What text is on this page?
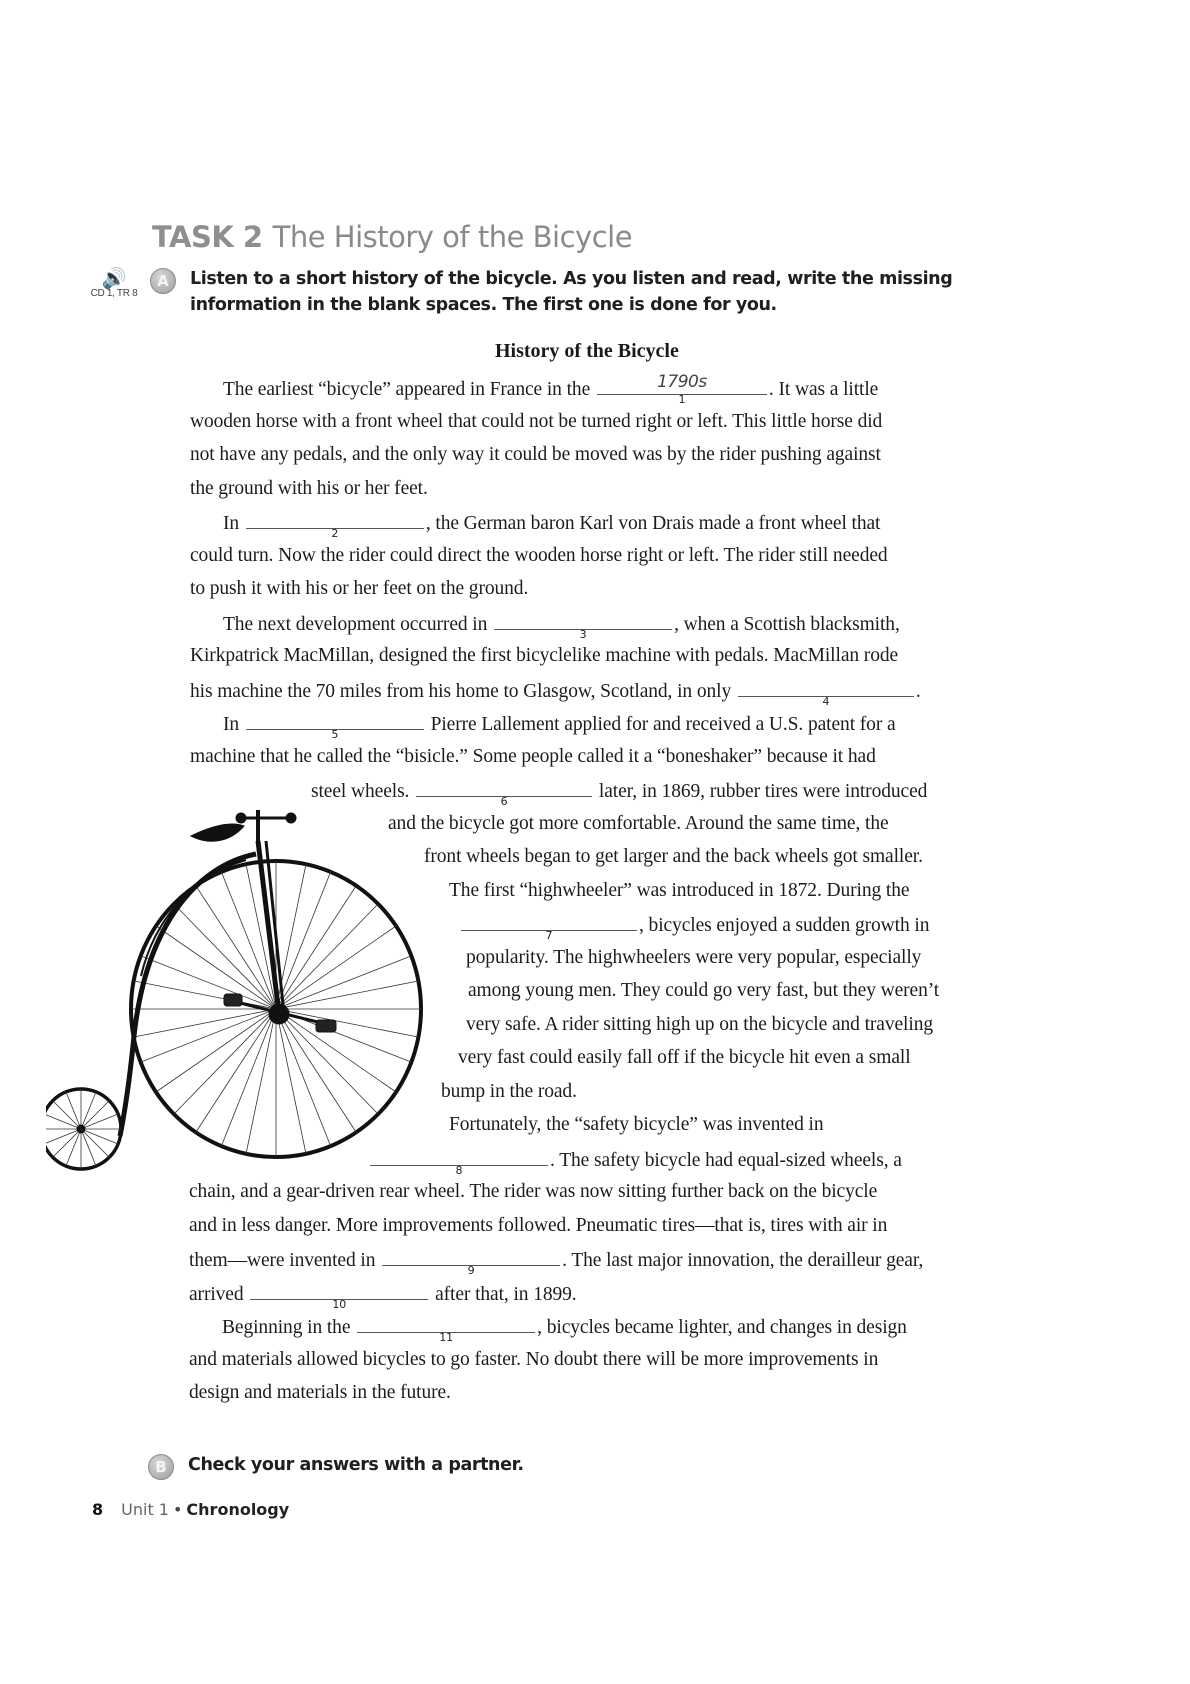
TASK 2 The History of the Bicycle
🔊
CD 1, TR 8
A	Listen to a short history of the bicycle. As you listen and read, write the missing
information in the blank spaces. The first one is done for you.
History of the Bicycle
The earliest “bicycle” appeared in France in the	1790s
1	. It was a little
wooden horse with a front wheel that could not be turned right or left. This little horse did
not have any pedals, and the only way it could be moved was by the rider pushing against
the ground with his or her feet.
In	2	, the German baron Karl von Drais made a front wheel that
could turn. Now the rider could direct the wooden horse right or left. The rider still needed
to push it with his or her feet on the ground.
The next development occurred in	3	, when a Scottish blacksmith,
Kirkpatrick MacMillan, designed the first bicyclelike machine with pedals. MacMillan rode
his machine the 70 miles from his home to Glasgow, Scotland, in only	4	.
In	5	Pierre Lallement applied for and received a U.S. patent for a
machine that he called the “bisicle.” Some people called it a “boneshaker” because it had
steel wheels.	6	later, in 1869, rubber tires were introduced
and the bicycle got more comfortable. Around the same time, the
front wheels began to get larger and the back wheels got smaller.
The first “highwheeler” was introduced in 1872. During the
7	, bicycles enjoyed a sudden growth in
popularity. The highwheelers were very popular, especially
among young men. They could go very fast, but they weren’t
very safe. A rider sitting high up on the bicycle and traveling
very fast could easily fall off if the bicycle hit even a small
bump in the road.
Fortunately, the “safety bicycle” was invented in
8	. The safety bicycle had equal-sized wheels, a
chain, and a gear-driven rear wheel. The rider was now sitting further back on the bicycle
and in less danger. More improvements followed. Pneumatic tires—that is, tires with air in
them—were invented in	9	. The last major innovation, the derailleur gear,
arrived	10	after that, in 1899.
Beginning in the	11	, bicycles became lighter, and changes in design
and materials allowed bicycles to go faster. No doubt there will be more improvements in
design and materials in the future.
B	Check your answers with a partner.
8 Unit 1 • Chronology
